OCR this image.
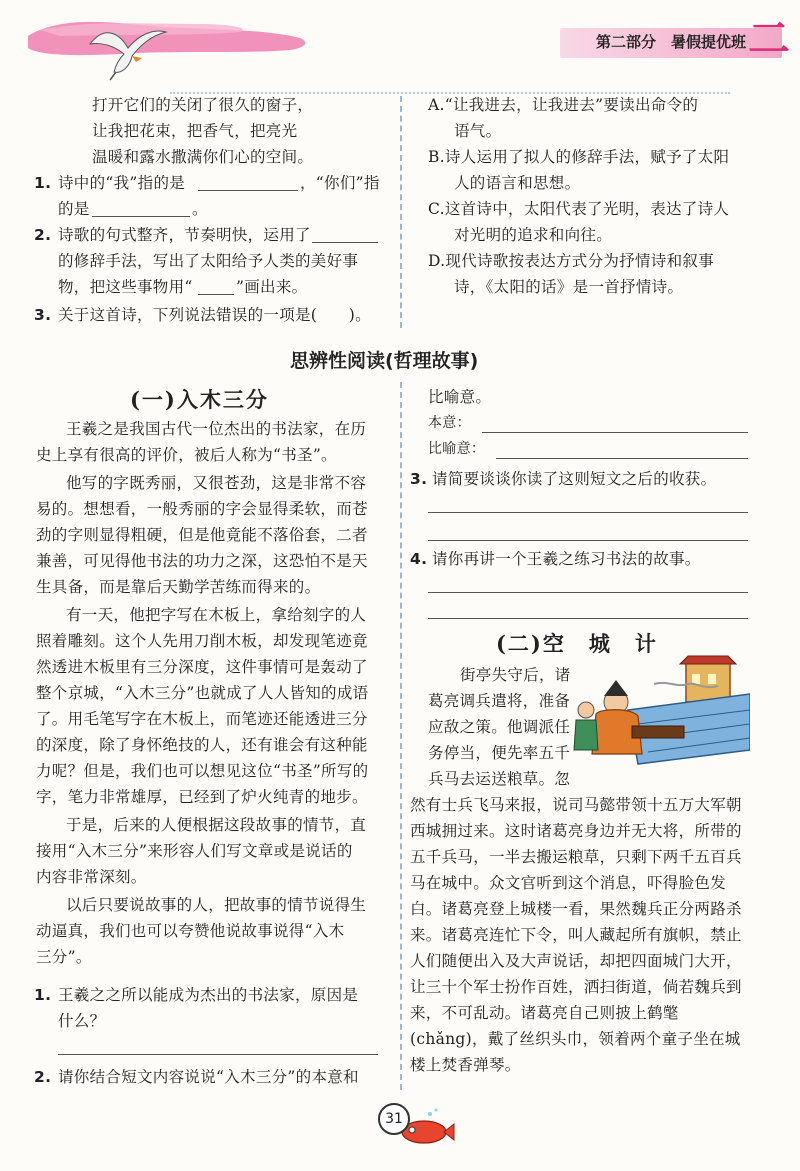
第二部分　暑假提优班 二
打开它们的关闭了很久的窗子，
让我把花束，把香气，把亮光
温暖和露水撒满你们心的空间。
1. 诗中的“我”指的是	，“你们”指
的是	。
2. 诗歌的句式整齐，节奏明快，运用了
的修辞手法，写出了太阳给予人类的美好事
物，把这些事物用“	”画出来。
3. 关于这首诗，下列说法错误的一项是(　　)。
A.“让我进去，让我进去”要读出命令的
语气。
B.诗人运用了拟人的修辞手法，赋予了太阳
人的语言和思想。
C.这首诗中，太阳代表了光明，表达了诗人
对光明的追求和向往。
D.现代诗歌按表达方式分为抒情诗和叙事
诗，《太阳的话》是一首抒情诗。
思辨性阅读(哲理故事)
(一)入木三分
王羲之是我国古代一位杰出的书法家，在历
史上享有很高的评价，被后人称为“书圣”。
他写的字既秀丽，又很苍劲，这是非常不容
易的。想想看，一般秀丽的字会显得柔软，而苍
劲的字则显得粗硬，但是他竟能不落俗套，二者
兼善，可见得他书法的功力之深，这恐怕不是天
生具备，而是靠后天勤学苦练而得来的。
有一天，他把字写在木板上，拿给刻字的人
照着雕刻。这个人先用刀削木板，却发现笔迹竟
然透进木板里有三分深度，这件事情可是轰动了
整个京城，“入木三分”也就成了人人皆知的成语
了。用毛笔写字在木板上，而笔迹还能透进三分
的深度，除了身怀绝技的人，还有谁会有这种能
力呢？但是，我们也可以想见这位“书圣”所写的
字，笔力非常雄厚，已经到了炉火纯青的地步。
于是，后来的人便根据这段故事的情节，直
接用“入木三分”来形容人们写文章或是说话的
内容非常深刻。
以后只要说故事的人，把故事的情节说得生
动逼真，我们也可以夸赞他说故事说得“入木
三分”。
1. 王羲之之所以能成为杰出的书法家，原因是
什么？
2. 请你结合短文内容说说“入木三分”的本意和
比喻意。
本意：
比喻意：
3. 请简要谈谈你读了这则短文之后的收获。
4. 请你再讲一个王羲之练习书法的故事。
(二)空　城　计
街亭失守后，诸
葛亮调兵遣将，准备
应敌之策。他调派任
务停当，便先率五千
兵马去运送粮草。忽
然有士兵飞马来报，说司马懿带领十五万大军朝
西城拥过来。这时诸葛亮身边并无大将，所带的
五千兵马，一半去搬运粮草，只剩下两千五百兵
马在城中。众文官听到这个消息，吓得脸色发
白。诸葛亮登上城楼一看，果然魏兵正分两路杀
来。诸葛亮连忙下令，叫人藏起所有旗帜，禁止
人们随便出入及大声说话，却把四面城门大开，
让三十个军士扮作百姓，洒扫街道，倘若魏兵到
来，不可乱动。诸葛亮自己则披上鹤氅
(chǎng)，戴了丝织头巾，领着两个童子坐在城
楼上焚香弹琴。
31
